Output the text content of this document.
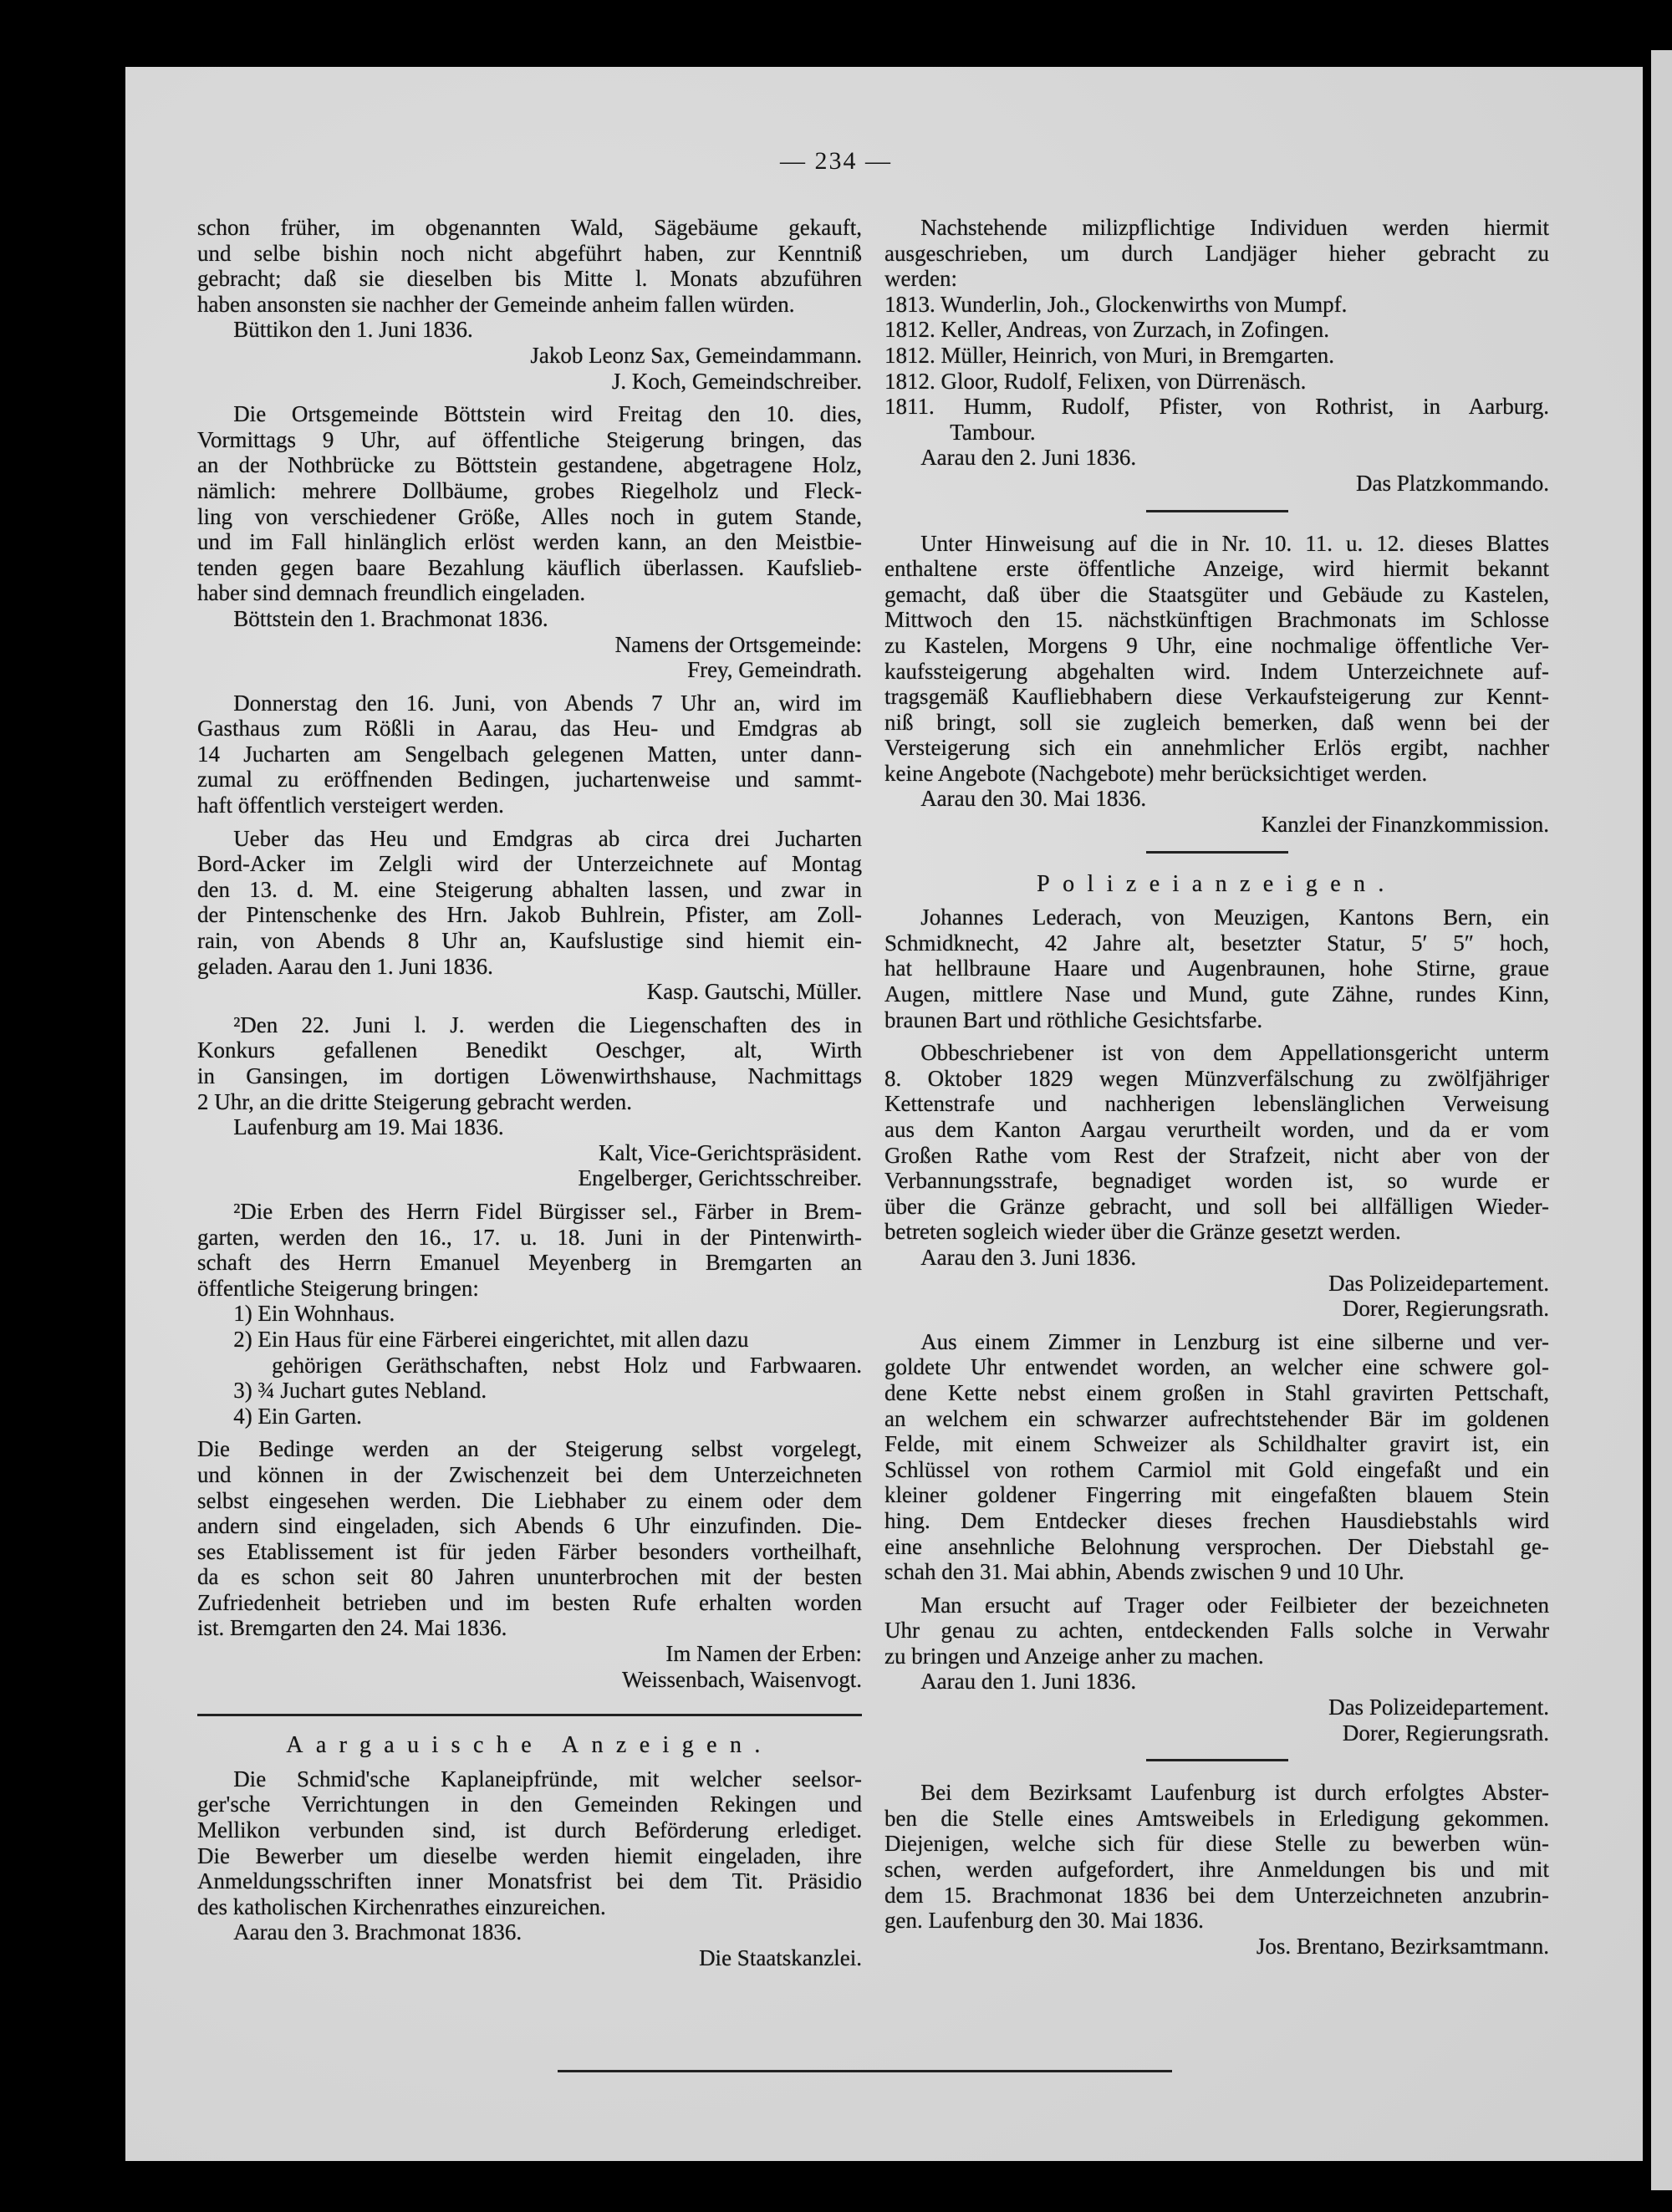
— 234 —
schon früher, im obgenannten Wald, Sägebäume gekauft,
und selbe bishin noch nicht abgeführt haben, zur Kenntniß
gebracht; daß sie dieselben bis Mitte l. Monats abzuführen
haben ansonsten sie nachher der Gemeinde anheim fallen würden.
Büttikon den 1. Juni 1836.
Jakob Leonz Sax, Gemeindammann.
J. Koch, Gemeindschreiber.
Die Ortsgemeinde Böttstein wird Freitag den 10. dies,
Vormittags 9 Uhr, auf öffentliche Steigerung bringen, das
an der Nothbrücke zu Böttstein gestandene, abgetragene Holz,
nämlich: mehrere Dollbäume, grobes Riegelholz und Fleck-
ling von verschiedener Größe, Alles noch in gutem Stande,
und im Fall hinlänglich erlöst werden kann, an den Meistbie-
tenden gegen baare Bezahlung käuflich überlassen. Kaufslieb-
haber sind demnach freundlich eingeladen.
Böttstein den 1. Brachmonat 1836.
Namens der Ortsgemeinde:
Frey, Gemeindrath.
Donnerstag den 16. Juni, von Abends 7 Uhr an, wird im
Gasthaus zum Rößli in Aarau, das Heu- und Emdgras ab
14 Jucharten am Sengelbach gelegenen Matten, unter dann-
zumal zu eröffnenden Bedingen, juchartenweise und sammt-
haft öffentlich versteigert werden.
Ueber das Heu und Emdgras ab circa drei Jucharten
Bord-Acker im Zelgli wird der Unterzeichnete auf Montag
den 13. d. M. eine Steigerung abhalten lassen, und zwar in
der Pintenschenke des Hrn. Jakob Buhlrein, Pfister, am Zoll-
rain, von Abends 8 Uhr an, Kaufslustige sind hiemit ein-
geladen. Aarau den 1. Juni 1836.
Kasp. Gautschi, Müller.
²Den 22. Juni l. J. werden die Liegenschaften des in
Konkurs gefallenen Benedikt Oeschger, alt, Wirth
in Gansingen, im dortigen Löwenwirthshause, Nachmittags
2 Uhr, an die dritte Steigerung gebracht werden.
Laufenburg am 19. Mai 1836.
Kalt, Vice-Gerichtspräsident.
Engelberger, Gerichtsschreiber.
²Die Erben des Herrn Fidel Bürgisser sel., Färber in Brem-
garten, werden den 16., 17. u. 18. Juni in der Pintenwirth-
schaft des Herrn Emanuel Meyenberg in Bremgarten an
öffentliche Steigerung bringen:
1) Ein Wohnhaus.
2) Ein Haus für eine Färberei eingerichtet, mit allen dazu
gehörigen Geräthschaften, nebst Holz und Farbwaaren.
3) ¾ Juchart gutes Nebland.
4) Ein Garten.
Die Bedinge werden an der Steigerung selbst vorgelegt,
und können in der Zwischenzeit bei dem Unterzeichneten
selbst eingesehen werden. Die Liebhaber zu einem oder dem
andern sind eingeladen, sich Abends 6 Uhr einzufinden. Die-
ses Etablissement ist für jeden Färber besonders vortheilhaft,
da es schon seit 80 Jahren ununterbrochen mit der besten
Zufriedenheit betrieben und im besten Rufe erhalten worden
ist. Bremgarten den 24. Mai 1836.
Im Namen der Erben:
Weissenbach, Waisenvogt.
Aargauische Anzeigen.
Die Schmid'sche Kaplaneipfründe, mit welcher seelsor-
ger'sche Verrichtungen in den Gemeinden Rekingen und
Mellikon verbunden sind, ist durch Beförderung erlediget.
Die Bewerber um dieselbe werden hiemit eingeladen, ihre
Anmeldungsschriften inner Monatsfrist bei dem Tit. Präsidio
des katholischen Kirchenrathes einzureichen.
Aarau den 3. Brachmonat 1836.
Die Staatskanzlei.
Nachstehende milizpflichtige Individuen werden hiermit
ausgeschrieben, um durch Landjäger hieher gebracht zu
werden:
1813. Wunderlin, Joh., Glockenwirths von Mumpf.
1812. Keller, Andreas, von Zurzach, in Zofingen.
1812. Müller, Heinrich, von Muri, in Bremgarten.
1812. Gloor, Rudolf, Felixen, von Dürrenäsch.
1811. Humm, Rudolf, Pfister, von Rothrist, in Aarburg.
Tambour.
Aarau den 2. Juni 1836.
Das Platzkommando.
Unter Hinweisung auf die in Nr. 10. 11. u. 12. dieses Blattes
enthaltene erste öffentliche Anzeige, wird hiermit bekannt
gemacht, daß über die Staatsgüter und Gebäude zu Kastelen,
Mittwoch den 15. nächstkünftigen Brachmonats im Schlosse
zu Kastelen, Morgens 9 Uhr, eine nochmalige öffentliche Ver-
kaufssteigerung abgehalten wird. Indem Unterzeichnete auf-
tragsgemäß Kaufliebhabern diese Verkaufsteigerung zur Kennt-
niß bringt, soll sie zugleich bemerken, daß wenn bei der
Versteigerung sich ein annehmlicher Erlös ergibt, nachher
keine Angebote (Nachgebote) mehr berücksichtiget werden.
Aarau den 30. Mai 1836.
Kanzlei der Finanzkommission.
Polizeianzeigen.
Johannes Lederach, von Meuzigen, Kantons Bern, ein
Schmidknecht, 42 Jahre alt, besetzter Statur, 5′ 5″ hoch,
hat hellbraune Haare und Augenbraunen, hohe Stirne, graue
Augen, mittlere Nase und Mund, gute Zähne, rundes Kinn,
braunen Bart und röthliche Gesichtsfarbe.
Obbeschriebener ist von dem Appellationsgericht unterm
8. Oktober 1829 wegen Münzverfälschung zu zwölfjähriger
Kettenstrafe und nachherigen lebenslänglichen Verweisung
aus dem Kanton Aargau verurtheilt worden, und da er vom
Großen Rathe vom Rest der Strafzeit, nicht aber von der
Verbannungsstrafe, begnadiget worden ist, so wurde er
über die Gränze gebracht, und soll bei allfälligen Wieder-
betreten sogleich wieder über die Gränze gesetzt werden.
Aarau den 3. Juni 1836.
Das Polizeidepartement.
Dorer, Regierungsrath.
Aus einem Zimmer in Lenzburg ist eine silberne und ver-
goldete Uhr entwendet worden, an welcher eine schwere gol-
dene Kette nebst einem großen in Stahl gravirten Pettschaft,
an welchem ein schwarzer aufrechtstehender Bär im goldenen
Felde, mit einem Schweizer als Schildhalter gravirt ist, ein
Schlüssel von rothem Carmiol mit Gold eingefaßt und ein
kleiner goldener Fingerring mit eingefaßten blauem Stein
hing. Dem Entdecker dieses frechen Hausdiebstahls wird
eine ansehnliche Belohnung versprochen. Der Diebstahl ge-
schah den 31. Mai abhin, Abends zwischen 9 und 10 Uhr.
Man ersucht auf Trager oder Feilbieter der bezeichneten
Uhr genau zu achten, entdeckenden Falls solche in Verwahr
zu bringen und Anzeige anher zu machen.
Aarau den 1. Juni 1836.
Das Polizeidepartement.
Dorer, Regierungsrath.
Bei dem Bezirksamt Laufenburg ist durch erfolgtes Abster-
ben die Stelle eines Amtsweibels in Erledigung gekommen.
Diejenigen, welche sich für diese Stelle zu bewerben wün-
schen, werden aufgefordert, ihre Anmeldungen bis und mit
dem 15. Brachmonat 1836 bei dem Unterzeichneten anzubrin-
gen. Laufenburg den 30. Mai 1836.
Jos. Brentano, Bezirksamtmann.
